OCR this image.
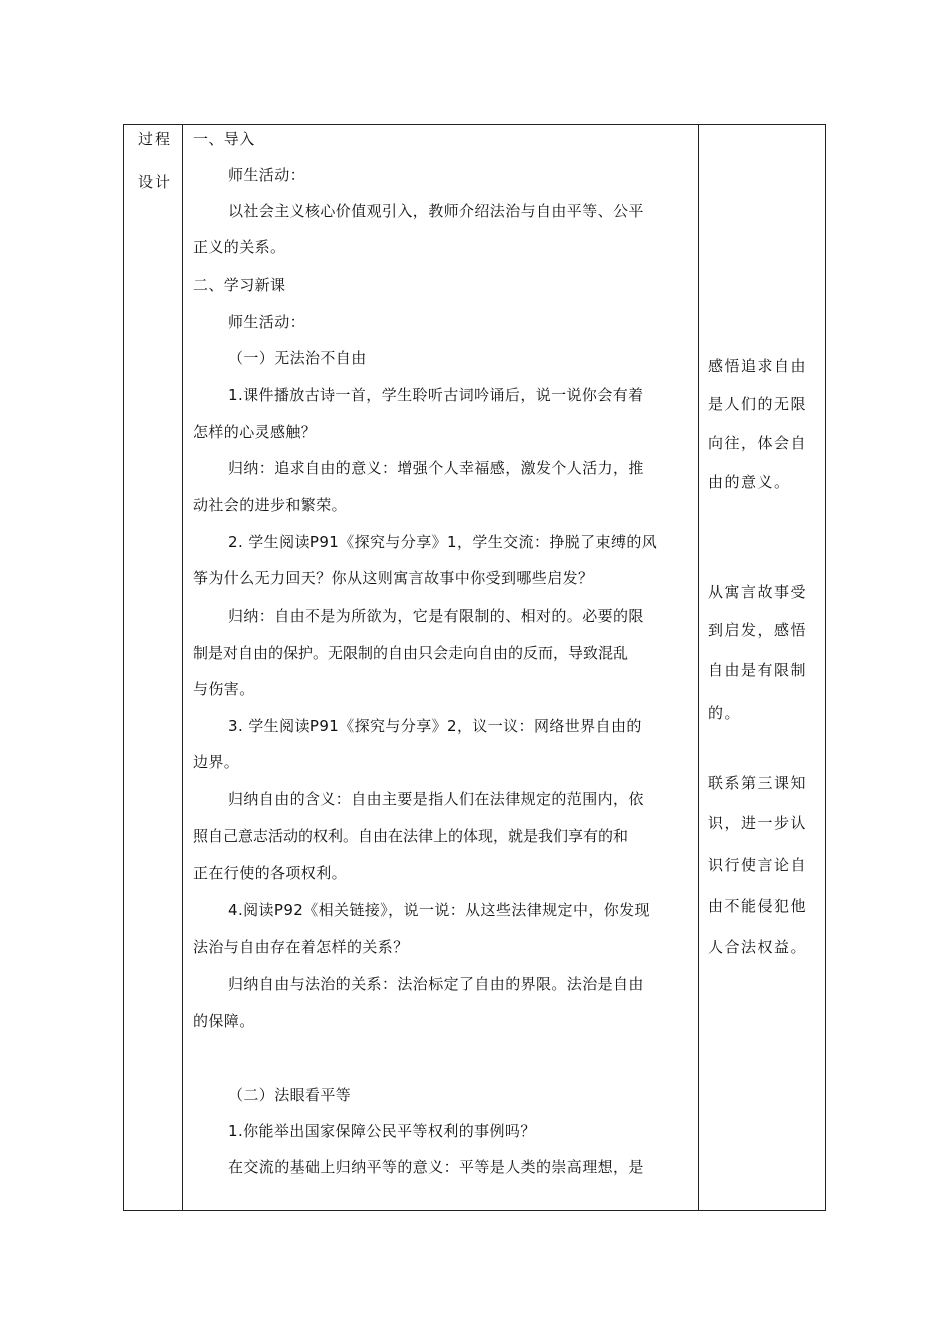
过程
设计
一、导入
师生活动：
以社会主义核心价值观引入，教师介绍法治与自由平等、公平
正义的关系。
二、学习新课
师生活动：
（一）无法治不自由
1.课件播放古诗一首，学生聆听古词吟诵后，说一说你会有着
怎样的心灵感触？
归纳：追求自由的意义：增强个人幸福感，激发个人活力，推
动社会的进步和繁荣。
2. 学生阅读P91《探究与分享》1，学生交流：挣脱了束缚的风
筝为什么无力回天？你从这则寓言故事中你受到哪些启发？
归纳：自由不是为所欲为，它是有限制的、相对的。必要的限
制是对自由的保护。无限制的自由只会走向自由的反而，导致混乱
与伤害。
3. 学生阅读P91《探究与分享》2，议一议：网络世界自由的
边界。
归纳自由的含义：自由主要是指人们在法律规定的范围内，依
照自己意志活动的权利。自由在法律上的体现，就是我们享有的和
正在行使的各项权利。
4.阅读P92《相关链接》，说一说：从这些法律规定中，你发现
法治与自由存在着怎样的关系？
归纳自由与法治的关系：法治标定了自由的界限。法治是自由
的保障。
（二）法眼看平等
1.你能举出国家保障公民平等权利的事例吗？
在交流的基础上归纳平等的意义：平等是人类的崇高理想，是
感悟追求自由
是人们的无限
向往，体会自
由的意义。
从寓言故事受
到启发，感悟
自由是有限制
的。
联系第三课知
识，进一步认
识行使言论自
由不能侵犯他
人合法权益。
